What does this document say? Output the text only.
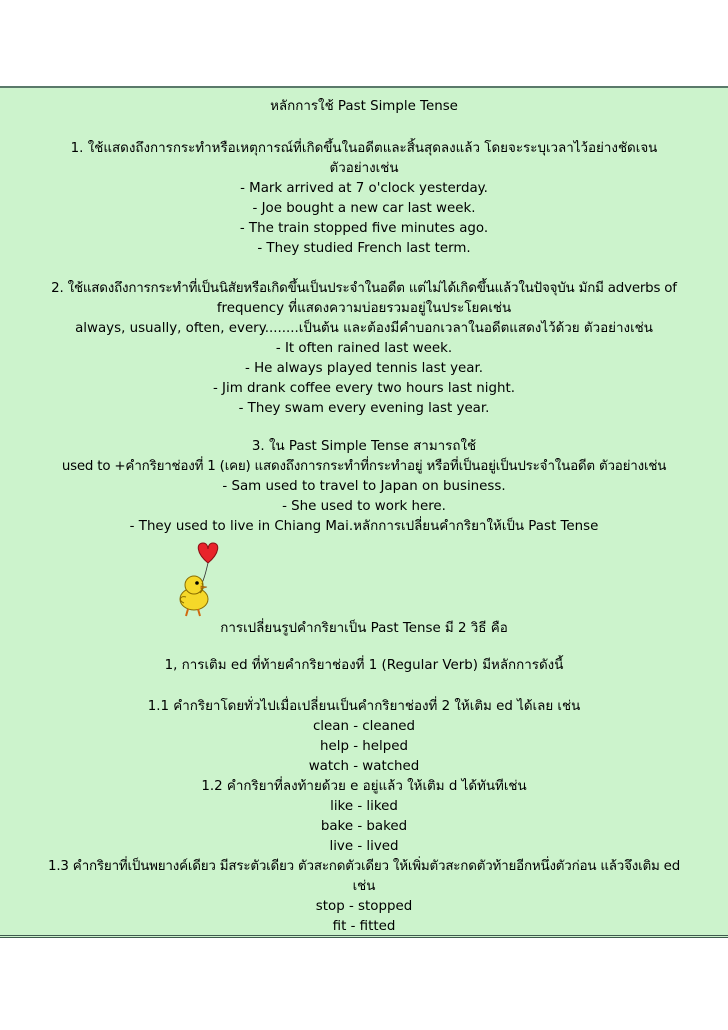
หลักการใช้ Past Simple Tense
1. ใช้แสดงถึงการกระทำหรือเหตุการณ์ที่เกิดขึ้นในอดีตและสิ้นสุดลงแล้ว โดยจะระบุเวลาไว้อย่างชัดเจน
ตัวอย่างเช่น
- Mark arrived at 7 o'clock yesterday.
- Joe bought a new car last week.
- The train stopped five minutes ago.
- They studied French last term.
2. ใช้แสดงถึงการกระทำที่เป็นนิสัยหรือเกิดขึ้นเป็นประจำในอดีต แต่ไม่ได้เกิดขึ้นแล้วในปัจจุบัน มักมี adverbs of
frequency ที่แสดงความบ่อยรวมอยู่ในประโยคเช่น
always, usually, often, every........เป็นต้น และต้องมีคำบอกเวลาในอดีตแสดงไว้ด้วย ตัวอย่างเช่น
- It often rained last week.
- He always played tennis last year.
- Jim drank coffee every two hours last night.
- They swam every evening last year.
3. ใน Past Simple Tense สามารถใช้
used to +คำกริยาช่องที่ 1 (เคย) แสดงถึงการกระทำที่กระทำอยู่ หรือที่เป็นอยู่เป็นประจำในอดีต ตัวอย่างเช่น
- Sam used to travel to Japan on business.
- She used to work here.
- They used to live in Chiang Mai.หลักการเปลี่ยนคำกริยาให้เป็น Past Tense
การเปลี่ยนรูปคำกริยาเป็น Past Tense มี 2 วิธี คือ
1, การเติม ed ที่ท้ายคำกริยาช่องที่ 1 (Regular Verb) มีหลักการดังนี้
1.1 คำกริยาโดยทั่วไปเมื่อเปลี่ยนเป็นคำกริยาช่องที่ 2 ให้เติม ed ได้เลย เช่น
clean - cleaned
help - helped
watch - watched
1.2 คำกริยาที่ลงท้ายด้วย e อยู่แล้ว ให้เติม d ได้ทันทีเช่น
like - liked
bake - baked
live - lived
1.3 คำกริยาที่เป็นพยางค์เดียว มีสระตัวเดียว ตัวสะกดตัวเดียว ให้เพิ่มตัวสะกดตัวท้ายอีกหนึ่งตัวก่อน แล้วจึงเติม ed
เช่น
stop - stopped
fit - fitted
